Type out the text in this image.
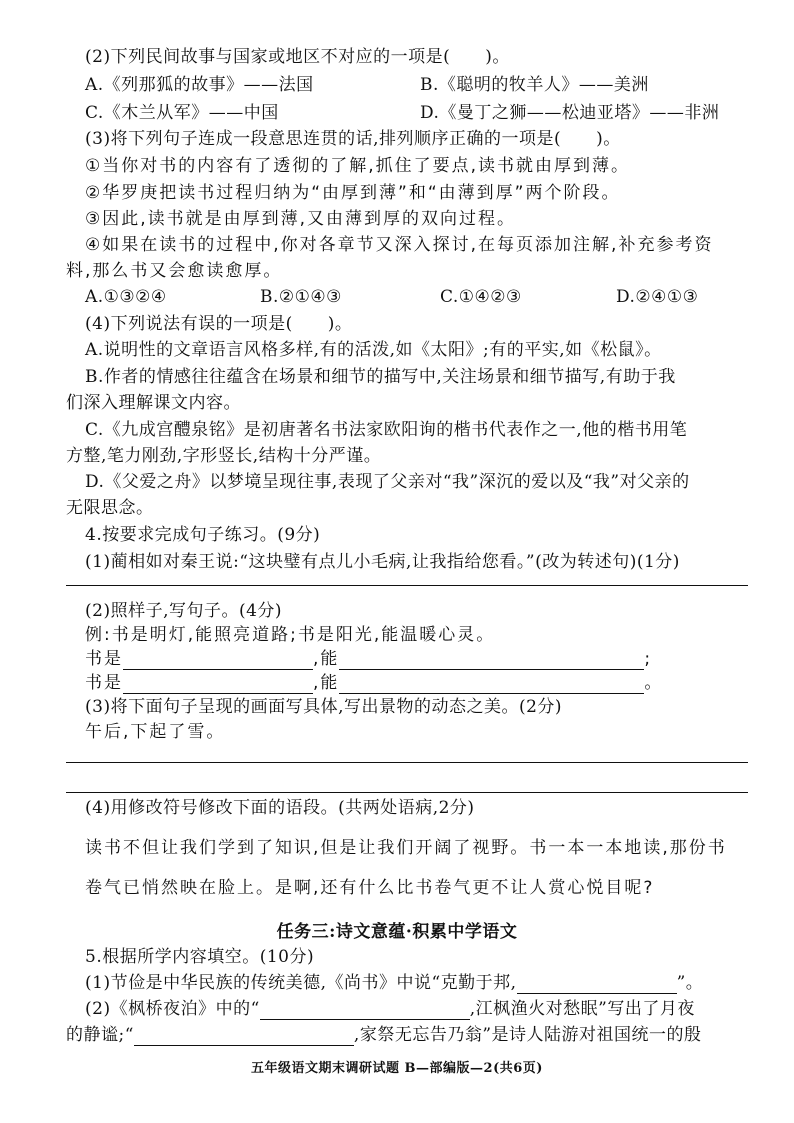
(2)下列民间故事与国家或地区不对应的一项是(　　)。
A.《列那狐的故事》——法国	B.《聪明的牧羊人》——美洲
C.《木兰从军》——中国	D.《曼丁之狮——松迪亚塔》——非洲
(3)将下列句子连成一段意思连贯的话,排列顺序正确的一项是(　　)。
①当你对书的内容有了透彻的了解,抓住了要点,读书就由厚到薄。
②华罗庚把读书过程归纳为“由厚到薄”和“由薄到厚”两个阶段。
③因此,读书就是由厚到薄,又由薄到厚的双向过程。
④如果在读书的过程中,你对各章节又深入探讨,在每页添加注解,补充参考资
料,那么书又会愈读愈厚。
A.①③②④	B.②①④③	C.①④②③	D.②④①③
(4)下列说法有误的一项是(　　)。
A.说明性的文章语言风格多样,有的活泼,如《太阳》;有的平实,如《松鼠》。
B.作者的情感往往蕴含在场景和细节的描写中,关注场景和细节描写,有助于我
们深入理解课文内容。
C.《九成宫醴泉铭》是初唐著名书法家欧阳询的楷书代表作之一,他的楷书用笔
方整,笔力刚劲,字形竖长,结构十分严谨。
D.《父爱之舟》以梦境呈现往事,表现了父亲对“我”深沉的爱以及“我”对父亲的
无限思念。
4.按要求完成句子练习。(9分)
(1)蔺相如对秦王说:“这块璧有点儿小毛病,让我指给您看。”(改为转述句)(1分)
(2)照样子,写句子。(4分)
例:书是明灯,能照亮道路;书是阳光,能温暖心灵。
书是	,能	;
书是	,能	。
(3)将下面句子呈现的画面写具体,写出景物的动态之美。(2分)
午后,下起了雪。
(4)用修改符号修改下面的语段。(共两处语病,2分)
读书不但让我们学到了知识,但是让我们开阔了视野。书一本一本地读,那份书
卷气已悄然映在脸上。是啊,还有什么比书卷气更不让人赏心悦目呢?
任务三:诗文意蕴·积累中学语文
5.根据所学内容填空。(10分)
(1)节俭是中华民族的传统美德,《尚书》中说“克勤于邦,	”。
(2)《枫桥夜泊》中的“	,江枫渔火对愁眠”写出了月夜
的静谧;“	,家祭无忘告乃翁”是诗人陆游对祖国统一的殷
五年级语文期末调研试题 B—部编版—2(共6页)
